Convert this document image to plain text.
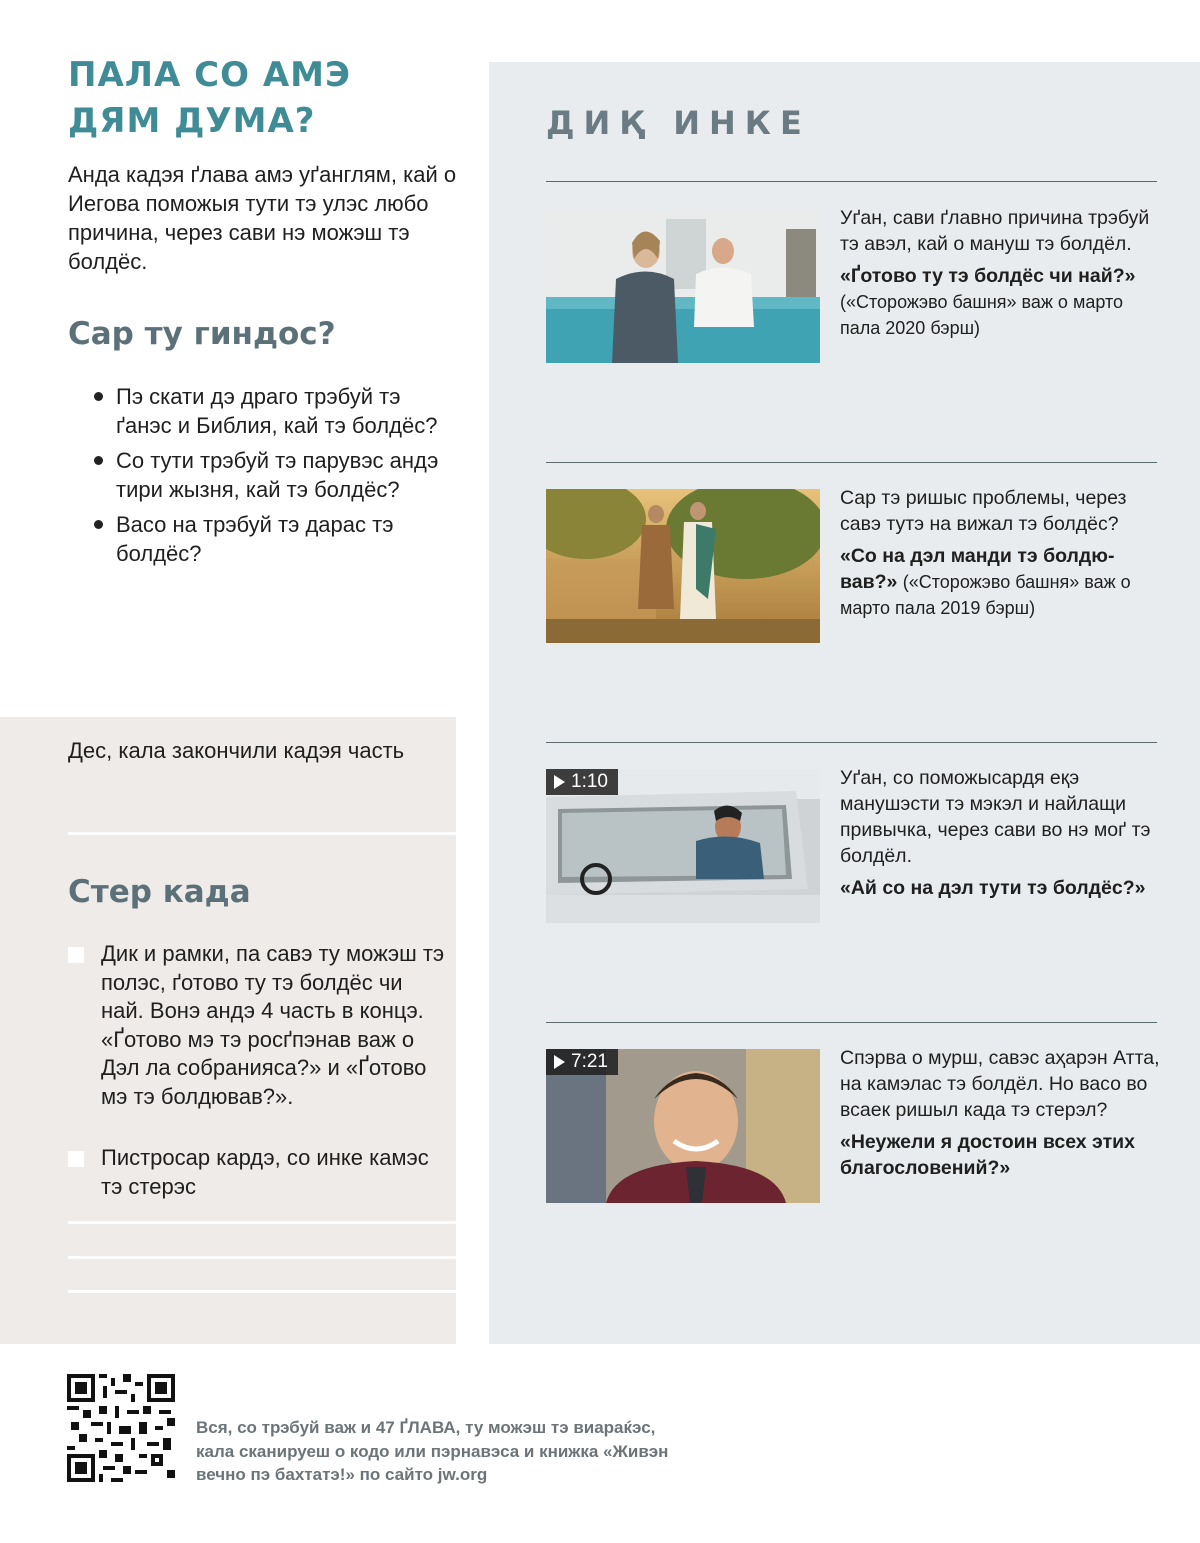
ПАЛА СО АМЭ ДЯМ ДУМА?

Анда кадэя ґлава амэ уґанглям, кай о Иегова поможыя тути тэ улэс любо причина, через сави нэ можэш тэ болдёс.

Сар ту гиндос?
Пэ скати дэ драго трэбуй тэ ґанэс и Библия, кай тэ болдёс?
Со тути трэбуй тэ парувэс андэ тири жызня, кай тэ болдёс?
Васо на трэбуй тэ дарас тэ болдёс?

Дес, кала закончили кадэя часть

Стер када
Дик и рамки, па савэ ту можэш тэ полэс, ґотово ту тэ болдёс чи най. Вонэ андэ 4 часть в концэ. «Ґотово мэ тэ росґпэнав важ о Дэл ла собранияса?» и «Ґотово мэ тэ болдював?».
Пистросар кардэ, со инке камэс тэ стерэс
ДИҚ ИНКЕ

Уґан, сави ґлавно причина трэбуй тэ авэл, кай о мануш тэ болдёл.

«Ґотово ту тэ болдёс чи най?»

(«Сторожэво башня» важ о марто пала 2020 бэрш)

Сар тэ ришыс проблемы, через савэ тутэ на вижал тэ болдёс?

«Со на дэл манди тэ болдю-вав?» («Сторожэво башня» важ о марто пала 2019 бэрш)

1:10	Уґан, со поможысардя еқэ манушэсти тэ мэкэл и найлащи привычка, через сави во нэ моґ тэ болдёл.

«Ай со на дэл тути тэ болдёс?»

7:21	Спэрва о мурш, савэс аҳарэн Атта, на камэлас тэ болдёл. Но васо во всаек ришыл када тэ стерэл?

«Неужели я достоин всех этих благословений?»

Вся, со трэбуй важ и 47 ҐЛАВА, ту можэш тэ виараќэс, кала сканируеш о кодо или пэрнавэса и книжка «Живэн вечно пэ бахтатэ!» по сайто jw.org
